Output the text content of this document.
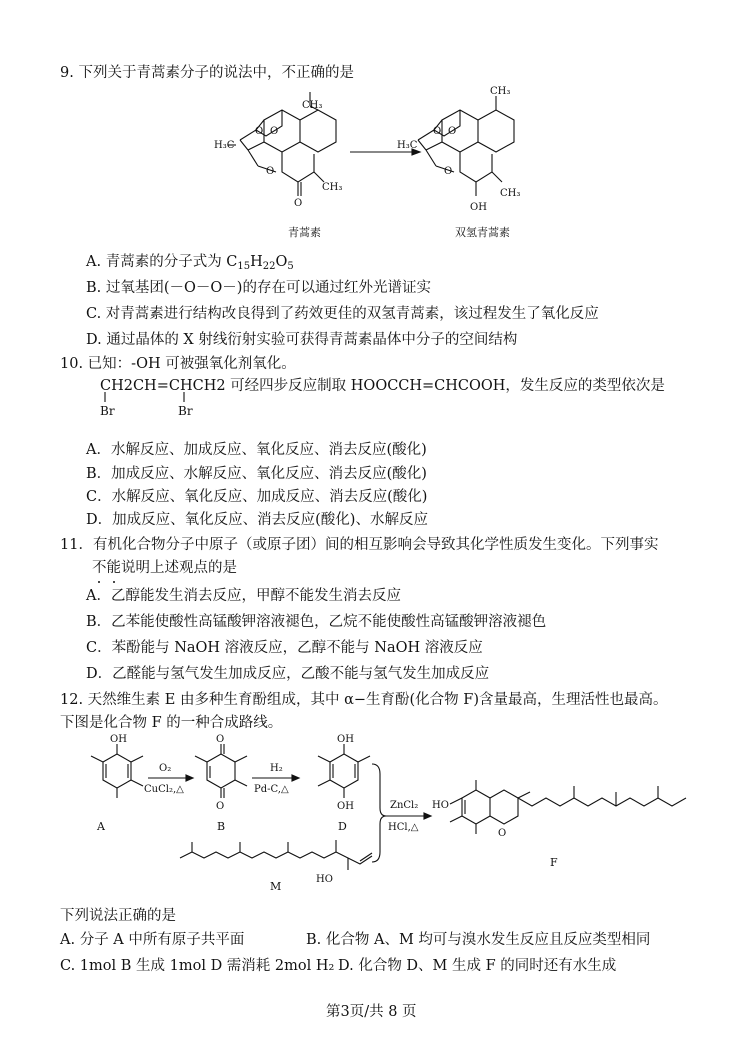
9. 下列关于青蒿素分子的说法中，不正确的是
O O
O
O
H₃C
CH₃
CH₃
青蒿素
O O
O
OH
H₃C
CH₃
CH₃
双氢青蒿素
A. 青蒿素的分子式为 $C_{15}H_{22}O_5$
B. 过氧基团(－O－O－)的存在可以通过红外光谱证实
C. 对青蒿素进行结构改良得到了药效更佳的双氢青蒿素，该过程发生了氧化反应
D. 通过晶体的 X 射线衍射实验可获得青蒿素晶体中分子的空间结构
10. 已知：-OH 可被强氧化剂氧化。
CH2CH=CHCH2 可经四步反应制取 HOOCCH=CHCOOH，发生反应的类型依次是
Br	Br
A．水解反应、加成反应、氧化反应、消去反应(酸化)
B．加成反应、水解反应、氧化反应、消去反应(酸化)
C．水解反应、氧化反应、加成反应、消去反应(酸化)
D．加成反应、氧化反应、消去反应(酸化)、水解反应
11．有机化合物分子中原子（或原子团）间的相互影响会导致其化学性质发生变化。下列事实
不能说明上述观点的是
A．乙醇能发生消去反应，甲醇不能发生消去反应
B．乙苯能使酸性高锰酸钾溶液褪色，乙烷不能使酸性高锰酸钾溶液褪色
C．苯酚能与 NaOH 溶液反应，乙醇不能与 NaOH 溶液反应
D．乙醛能与氢气发生加成反应，乙酸不能与氢气发生加成反应
12. 天然维生素 E 由多种生育酚组成，其中 α−生育酚(化合物 F)含量最高，生理活性也最高。
下图是化合物 F 的一种合成路线。
OH
A
O₂
CuCl₂,△
O
O
B
H₂
Pd-C,△
OH
OH
D
ZnCl₂
HCl,△
HO
M
HO
O
F
下列说法正确的是
A. 分子 A 中所有原子共平面	B. 化合物 A、M 均可与溴水发生反应且反应类型相同
C. 1mol B 生成 1mol D 需消耗 2mol H₂ D. 化合物 D、M 生成 F 的同时还有水生成
第3页/共 8 页
